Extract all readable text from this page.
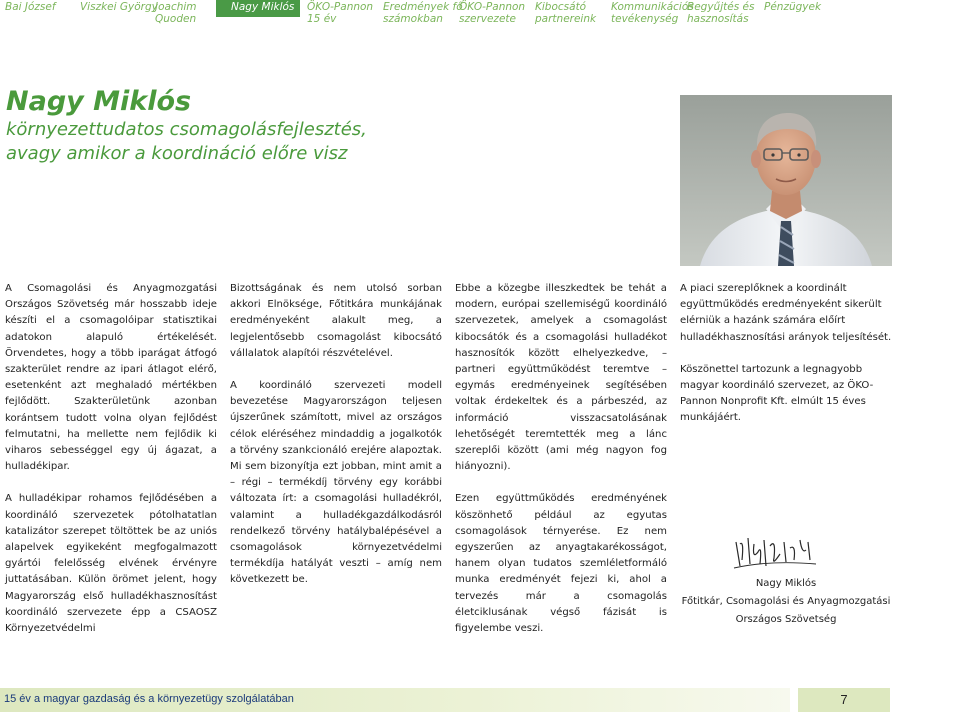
Bai József Viszkei György
Joachim
Quoden
Nagy Miklós ÖKO-Pannon
15 év
Eredmények fő
számokban
ÖKO-Pannon
szervezete
Kibocsátó
partnereink
Kommunikációs
tevékenység
Begyűjtés és
hasznosítás
Pénzügyek
Nagy Miklós
környezettudatos csomagolásfejlesztés,
avagy amikor a koordináció előre visz

A Csomagolási és Anyagmozgatási Országos Szövetség már hosszabb ideje készíti el a csomagolóipar statisztikai adatokon alapuló értékelését. Örvendetes, hogy a több iparágat átfogó szakterület rendre az ipari átlagot elérő, esetenként azt meghaladó mértékben fejlődött. Szakterületünk azonban korántsem tudott volna olyan fejlődést felmutatni, ha mellette nem fejlődik ki viharos sebességgel egy új ágazat, a hulladékipar.

A hulladékipar rohamos fejlődésében a koordináló szervezetek pótolhatatlan katalizátor szerepet töltöttek be az uniós alapelvek egyikeként megfogalmazott gyártói felelősség elvének érvényre juttatásában. Külön örömet jelent, hogy Magyarország első hulladékhasznosítást koordináló szervezete épp a CSAOSZ Környezetvédelmi

Bizottságának és nem utolsó sorban akkori Elnöksége, Főtitkára munkájának eredményeként alakult meg, a legjelentősebb csomagolást kibocsátó vállalatok alapítói részvételével.

A koordináló szervezeti modell bevezetése Magyarországon teljesen újszerűnek számított, mivel az országos célok eléréséhez mindaddig a jogalkotók a törvény szankcionáló erejére alapoztak. Mi sem bizonyítja ezt jobban, mint amit a – régi – termékdíj törvény egy korábbi változata írt: a csomagolási hulladékról, valamint a hulladékgazdálkodásról rendelkező törvény hatálybalépésével a csomagolások környezetvédelmi termékdíja hatályát veszti – amíg nem következett be.

Ebbe a közegbe illeszkedtek be tehát a modern, európai szellemiségű koordináló szervezetek, amelyek a csomagolást kibocsátók és a csomagolási hulladékot hasznosítók között elhelyezkedve, – partneri együttműködést teremtve – egymás eredményeinek segítésében voltak érdekeltek és a párbeszéd, az információ visszacsatolásának lehetőségét teremtették meg a lánc szereplői között (ami még nagyon fog hiányozni).

Ezen együttműködés eredményének köszönhető például az egyutas csomagolások térnyerése. Ez nem egyszerűen az anyagtakarékosságot, hanem olyan tudatos szemléletformáló munka eredményét fejezi ki, ahol a tervezés már a csomagolás életciklusának végső fázisát is figyelembe veszi.

A piaci szereplőknek a koordinált együttműködés eredményeként sikerült elérniük a hazánk számára előírt hulladékhasznosítási arányok teljesítését.

Köszönettel tartozunk a legnagyobb magyar koordináló szervezet, az ÖKO-Pannon Nonprofit Kft. elmúlt 15 éves munkájáért.

Nagy Miklós
Főtitkár, Csomagolási és Anyagmozgatási
Országos Szövetség
15 év a magyar gazdaság és a környezetügy szolgálatában	7
